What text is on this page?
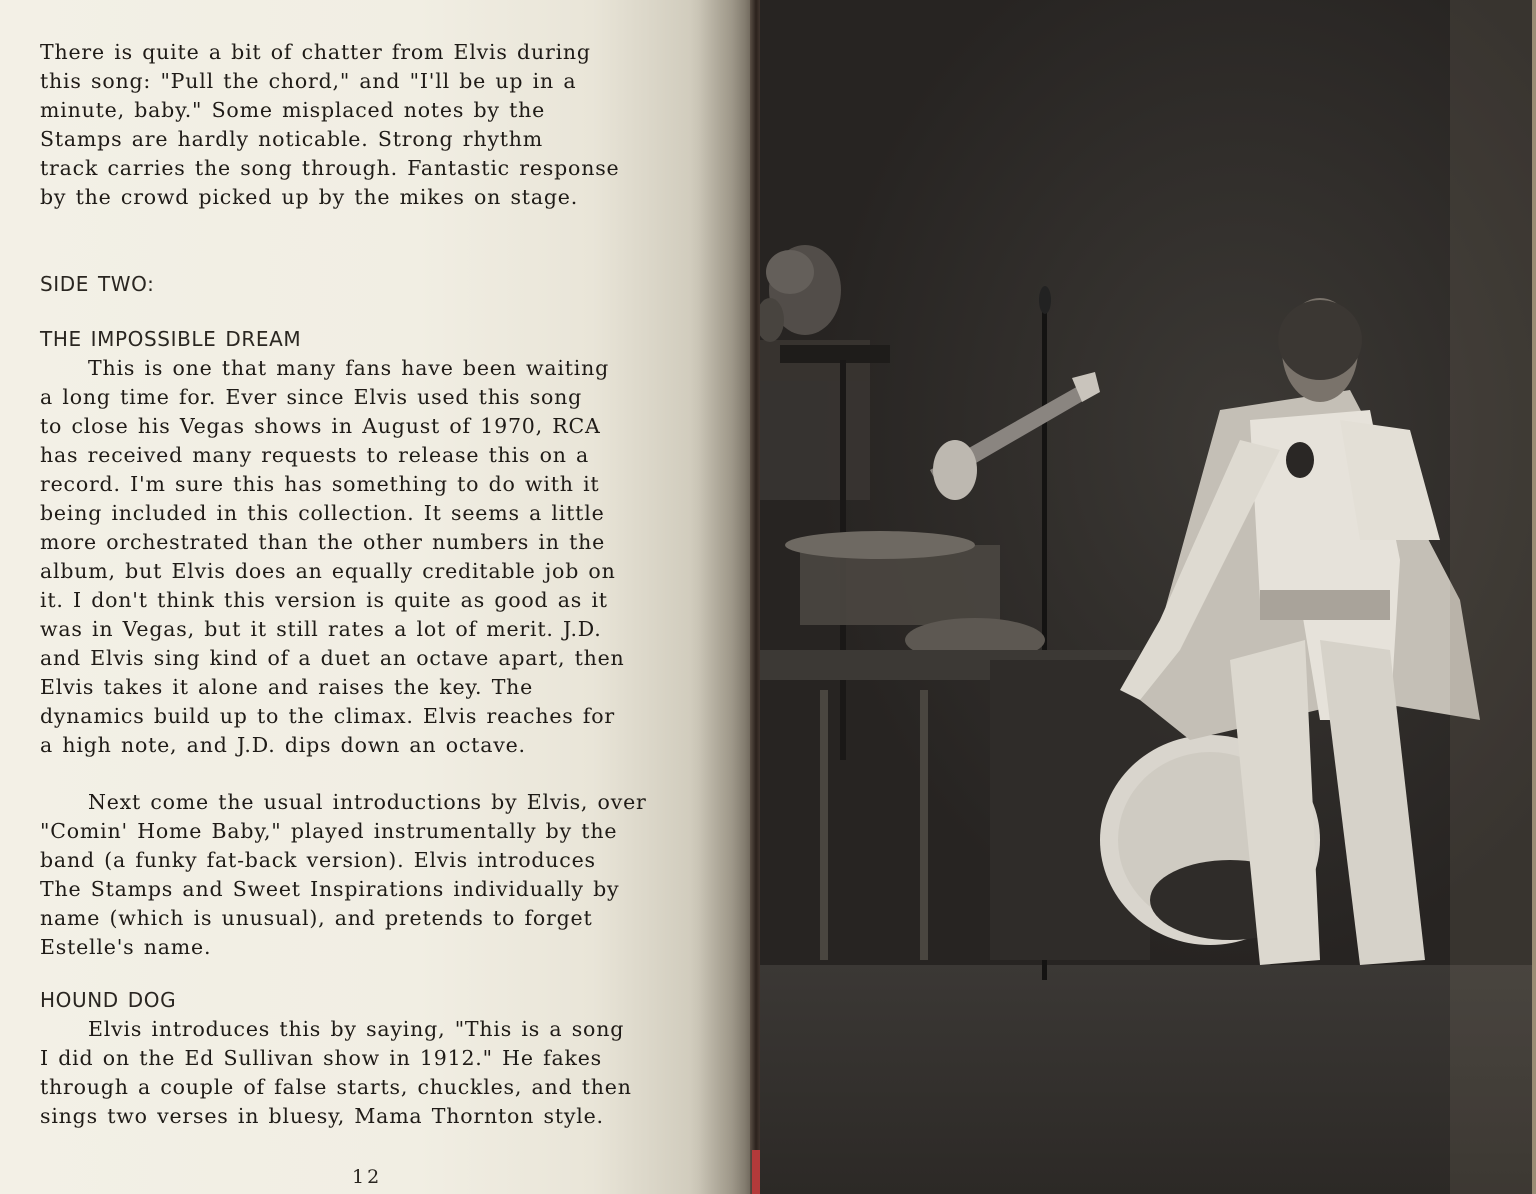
There is quite a bit of chatter from Elvis during

this song: "Pull the chord," and "I'll be up in a

minute, baby." Some misplaced notes by the

Stamps are hardly noticable. Strong rhythm

track carries the song through. Fantastic response

by the crowd picked up by the mikes on stage.

SIDE TWO:

THE IMPOSSIBLE DREAM

This is one that many fans have been waiting

a long time for. Ever since Elvis used this song

to close his Vegas shows in August of 1970, RCA

has received many requests to release this on a

record. I'm sure this has something to do with it

being included in this collection. It seems a little

more orchestrated than the other numbers in the

album, but Elvis does an equally creditable job on

it. I don't think this version is quite as good as it

was in Vegas, but it still rates a lot of merit. J.D.

and Elvis sing kind of a duet an octave apart, then

Elvis takes it alone and raises the key. The

dynamics build up to the climax. Elvis reaches for

a high note, and J.D. dips down an octave.

Next come the usual introductions by Elvis, over

"Comin' Home Baby," played instrumentally by the

band (a funky fat-back version). Elvis introduces

The Stamps and Sweet Inspirations individually by

name (which is unusual), and pretends to forget

Estelle's name.

HOUND DOG

Elvis introduces this by saying, "This is a song

I did on the Ed Sullivan show in 1912." He fakes

through a couple of false starts, chuckles, and then

sings two verses in bluesy, Mama Thornton style.

12
